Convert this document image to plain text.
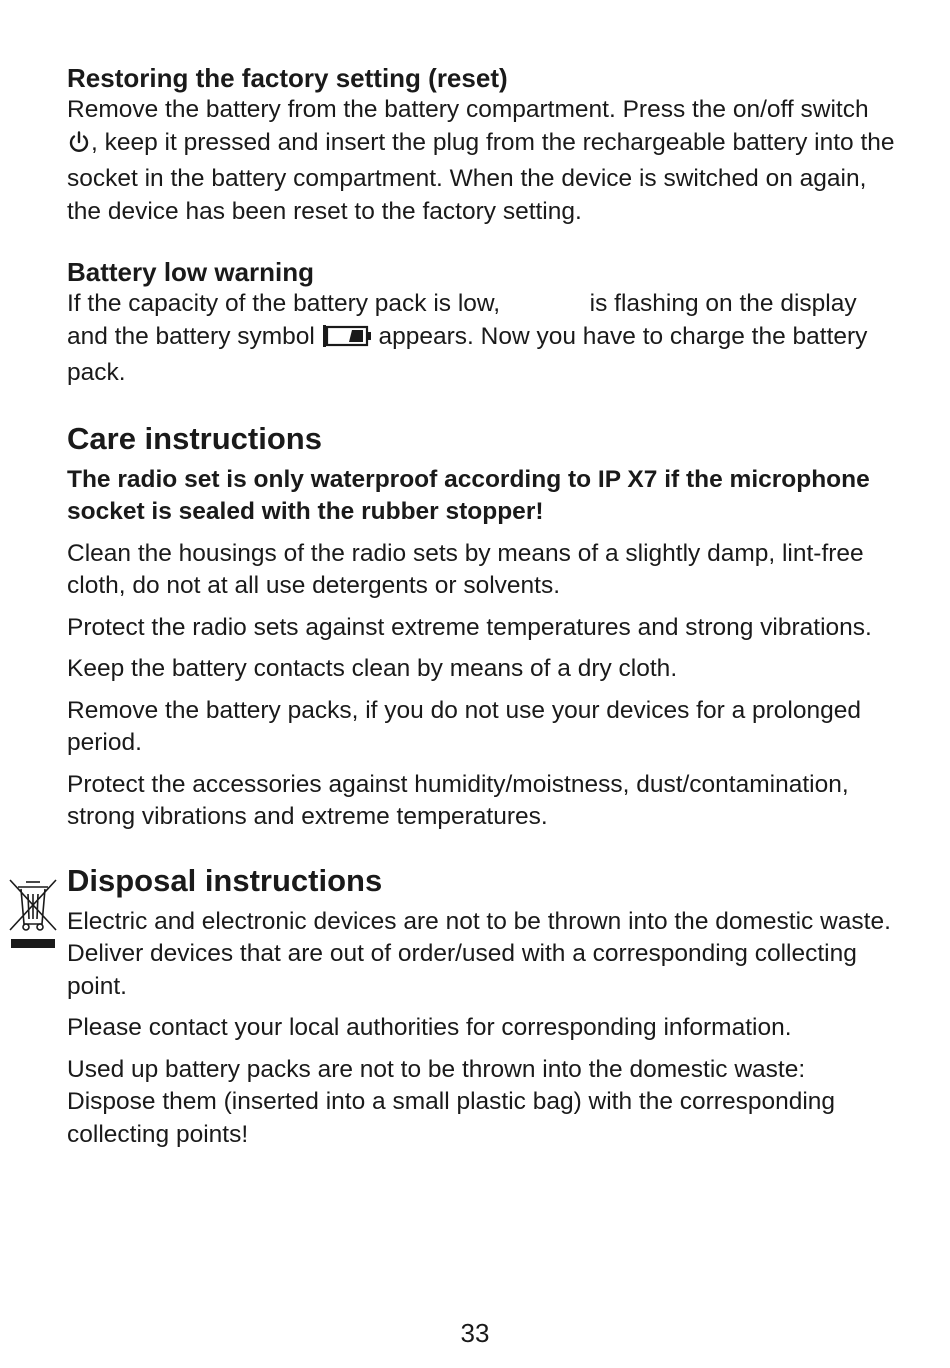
Restoring the factory setting (reset)

Remove the battery from the battery compartment. Press the on/off switch , keep it pressed and insert the plug from the rechargeable battery into the socket in the battery compartment. When the device is switched on again, the device has been reset to the factory setting.

Battery low warning

If the capacity of the battery pack is low,	is flashing on the display and the battery symbol  appears. Now you have to charge the battery pack.

Care instructions

The radio set is only waterproof according to IP X7 if the microphone socket is sealed with the rubber stopper!

Clean the housings of the radio sets by means of a slightly damp, lint-free cloth, do not at all use detergents or solvents.

Protect the radio sets against extreme temperatures and strong vibrations.

Keep the battery contacts clean by means of a dry cloth.

Remove the battery packs, if you do not use your devices for a prolonged period.

Protect the accessories against humidity/moistness, dust/contamination, strong vibrations and extreme temperatures.

Disposal instructions

Electric and electronic devices are not to be thrown into the domestic waste. Deliver devices that are out of order/used with a corresponding collecting point.

Please contact your local authorities for corresponding information.

Used up battery packs are not to be thrown into the domestic waste: Dispose them (inserted into a small plastic bag) with the corresponding collecting points!

33
